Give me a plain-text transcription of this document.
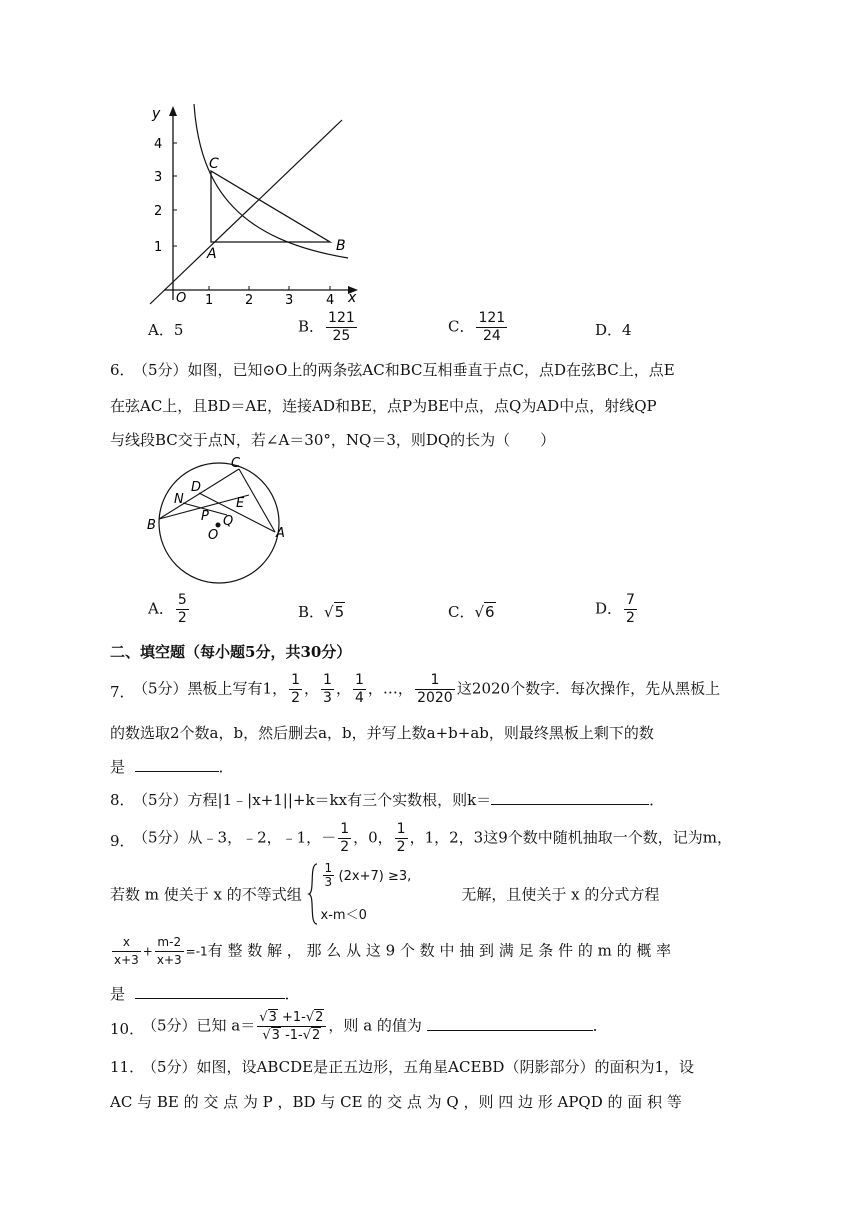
y
x
O
4
3
2
1
1 2 3	4
C
A	B
A．5	B． $\frac{121}{25}$	C． $\frac{121}{24}$	D．4
6．
（5分）如图，已知⊙O上的两条弦AC和BC互相垂直于点C，点D在弦BC上，点E
在弦AC上，且BD＝AE，连接AD和BE，点P为BE中点，点Q为AD中点，射线QP
与线段BC交于点N，若∠A＝30°，NQ＝3，则DQ的长为（　　）
C
N
D
E
P Q
O
B
A
A． $\frac{5}{2}$	B．√5	C．√6	D． $\frac{7}{2}$
二、填空题（每小题5分，共30分）
7．
（5分）黑板上写有1， $\frac{1}{2}$ ， $\frac{1}{3}$ ， $\frac{1}{4}$ ，…， $\frac{1}{2020}$ 这2020个数字．每次操作，先从黑板上
的数选取2个数a，b，然后删去a，b，并写上数a+b+ab，则最终黑板上剩下的数
是	．
8．
（5分）方程|1﹣|x+1||+k＝kx有三个实数根，则k＝	．
9．
（5分）从﹣3，﹣2，﹣1，－ $\frac{1}{2}$ ，0， $\frac{1}{2}$ ，1，2，3这9个数中随机抽取一个数，记为m，
若数 m 使关于 x 的不等式组
$\frac{1}{3} (2x+7) \ge 3$,
x-m＜0
无解，且使关于 x 的分式方程
$\frac{x}{x+3} + \frac{m-2}{x+3} =-1$有 整 数 解 ， 那 么 从 这 9 个 数 中 抽 到 满 足 条 件 的 m 的 概 率
是	．
10．
（5分）已知 $a= \frac{√3 +1-√2}{√3 -1-√2}$ ，则 a 的值为	．
11．
（5分）如图，设ABCDE是正五边形，五角星ACEBD（阴影部分）的面积为1，设
AC 与 BE 的 交 点 为 P ，BD 与 CE 的 交 点 为 Q ，则 四 边 形 APQD 的 面 积 等
